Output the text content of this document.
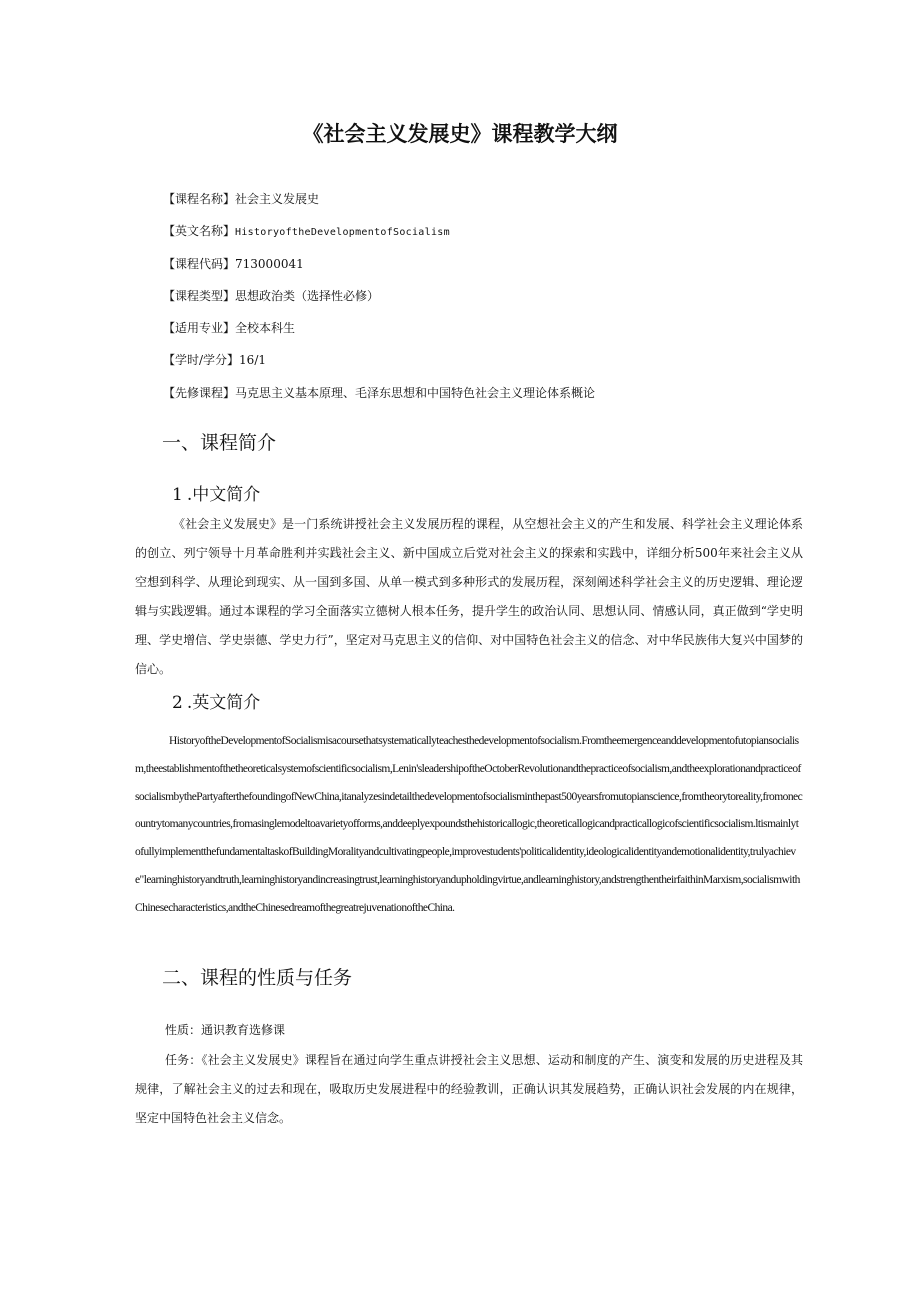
《社会主义发展史》课程教学大纲
【课程名称】社会主义发展史
【英文名称】HistoryoftheDevelopmentofSocialism
【课程代码】713000041
【课程类型】思想政治类（选择性必修）
【适用专业】全校本科生
【学时/学分】16/1
【先修课程】马克思主义基本原理、毛泽东思想和中国特色社会主义理论体系概论
一、课程简介
1 .中文简介

《社会主义发展史》是一门系统讲授社会主义发展历程的课程，从空想社会主义的产生和发展、科学社会主义理论体系的创立、列宁领导十月革命胜利并实践社会主义、新中国成立后党对社会主义的探索和实践中，详细分析500年来社会主义从空想到科学、从理论到现实、从一国到多国、从单一模式到多种形式的发展历程，深刻阐述科学社会主义的历史逻辑、理论逻辑与实践逻辑。通过本课程的学习全面落实立德树人根本任务，提升学生的政治认同、思想认同、情感认同，真正做到“学史明理、学史增信、学史崇德、学史力行”，坚定对马克思主义的信仰、对中国特色社会主义的信念、对中华民族伟大复兴中国梦的信心。

2 .英文简介

HistoryoftheDevelopmentofSocialismisacoursethatsystematicallyteachesthedevelopmentofsocialism.Fromtheemergenceanddevelopmentofutopiansocialism,theestablishmentofthetheoreticalsystemofscientificsocialism,Lenin'sleadershipoftheOctoberRevolutionandthepracticeofsocialism,andtheexplorationandpracticeofsocialismbythePartyafterthefoundingofNewChina,itanalyzesindetailthedevelopmentofsocialisminthepast500yearsfromutopianscience,fromtheorytoreality,fromonecountrytomanycountries,fromasinglemodeltoavarietyofforms,anddeeplyexpoundsthehistoricallogic,theoreticallogicandpracticallogicofscientificsocialism.ltismainlytofullyimplementthefundamentaltaskofBuildingMoralityandcultivatingpeople,improvestudents'politicalidentity,ideologicalidentityandemotionalidentity,trulyachieve"learninghistoryandtruth,learninghistoryandincreasingtrust,learninghistoryandupholdingvirtue,andlearninghistory,andstrengthentheirfaithinMarxism,socialismwithChinesecharacteristics,andtheChinesedreamofthegreatrejuvenationoftheChina.

二、课程的性质与任务

性质：通识教育选修课

任务：《社会主义发展史》课程旨在通过向学生重点讲授社会主义思想、运动和制度的产生、演变和发展的历史进程及其规律，了解社会主义的过去和现在，吸取历史发展进程中的经验教训，正确认识其发展趋势，正确认识社会发展的内在规律，坚定中国特色社会主义信念。
